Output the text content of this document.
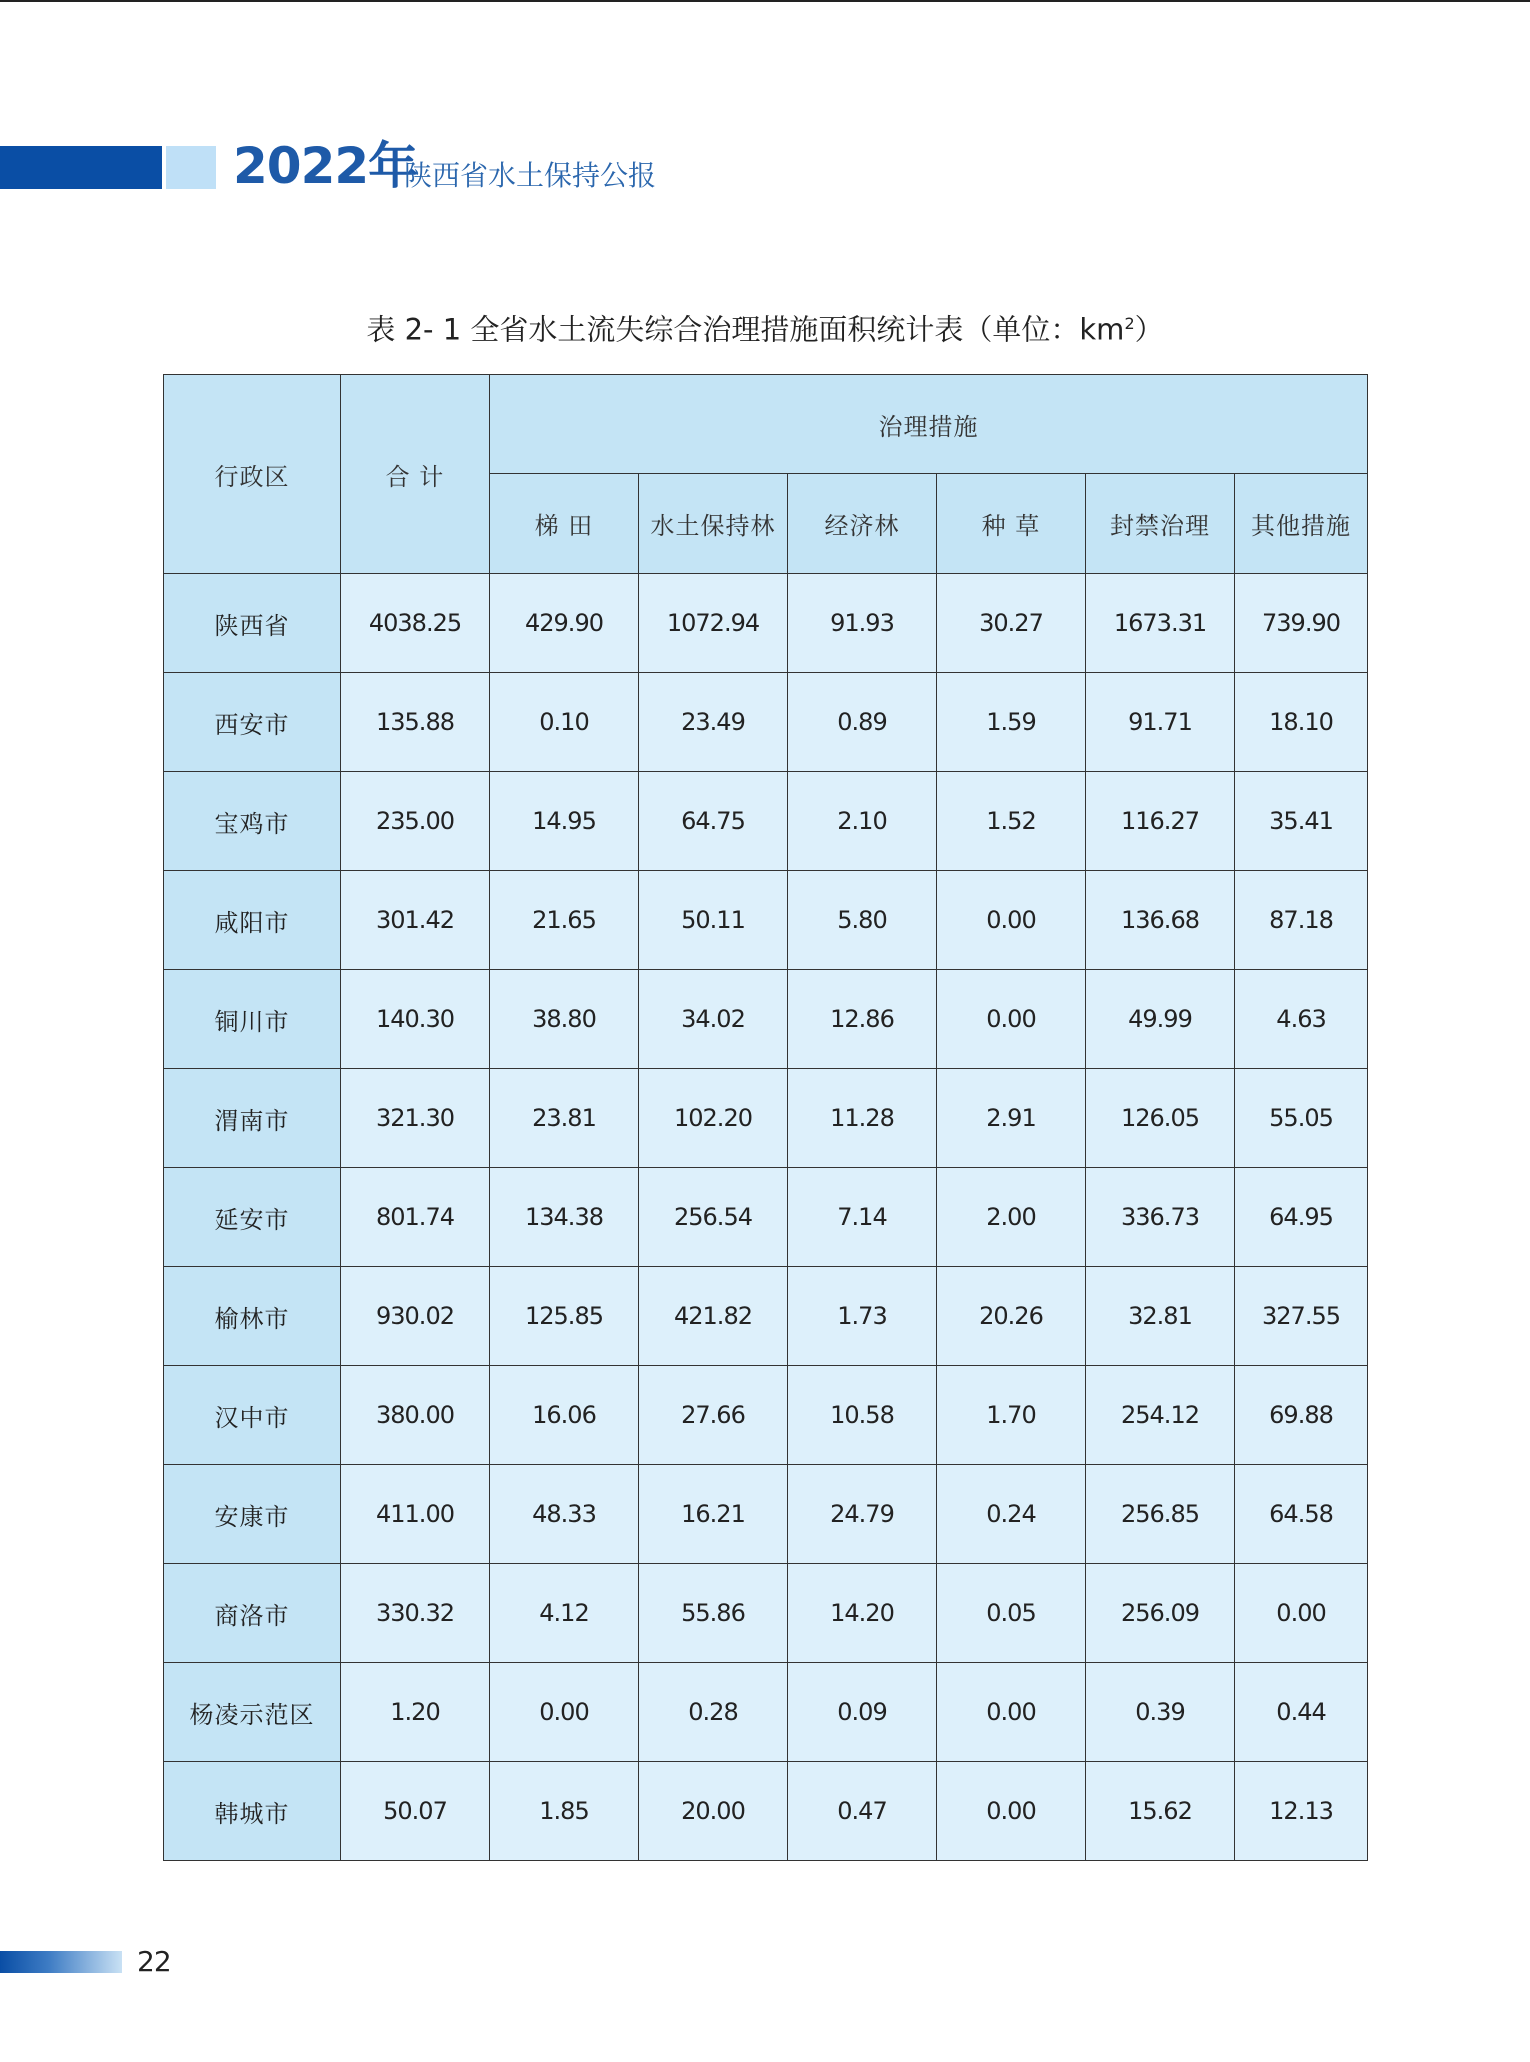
2022年
陕西省水土保持公报
表 2- 1 全省水土流失综合治理措施面积统计表（单位：$km^2$）
行政区	合 计	治理措施					
		梯 田	水土保持林	经济林	种 草	封禁治理	其他措施
陕西省	4038.25	429.90	1072.94	91.93	30.27	1673.31	739.90
西安市	135.88	0.10	23.49	0.89	1.59	91.71	18.10
宝鸡市	235.00	14.95	64.75	2.10	1.52	116.27	35.41
咸阳市	301.42	21.65	50.11	5.80	0.00	136.68	87.18
铜川市	140.30	38.80	34.02	12.86	0.00	49.99	4.63
渭南市	321.30	23.81	102.20	11.28	2.91	126.05	55.05
延安市	801.74	134.38	256.54	7.14	2.00	336.73	64.95
榆林市	930.02	125.85	421.82	1.73	20.26	32.81	327.55
汉中市	380.00	16.06	27.66	10.58	1.70	254.12	69.88
安康市	411.00	48.33	16.21	24.79	0.24	256.85	64.58
商洛市	330.32	4.12	55.86	14.20	0.05	256.09	0.00
杨凌示范区	1.20	0.00	0.28	0.09	0.00	0.39	0.44
韩城市	50.07	1.85	20.00	0.47	0.00	15.62	12.13
22
